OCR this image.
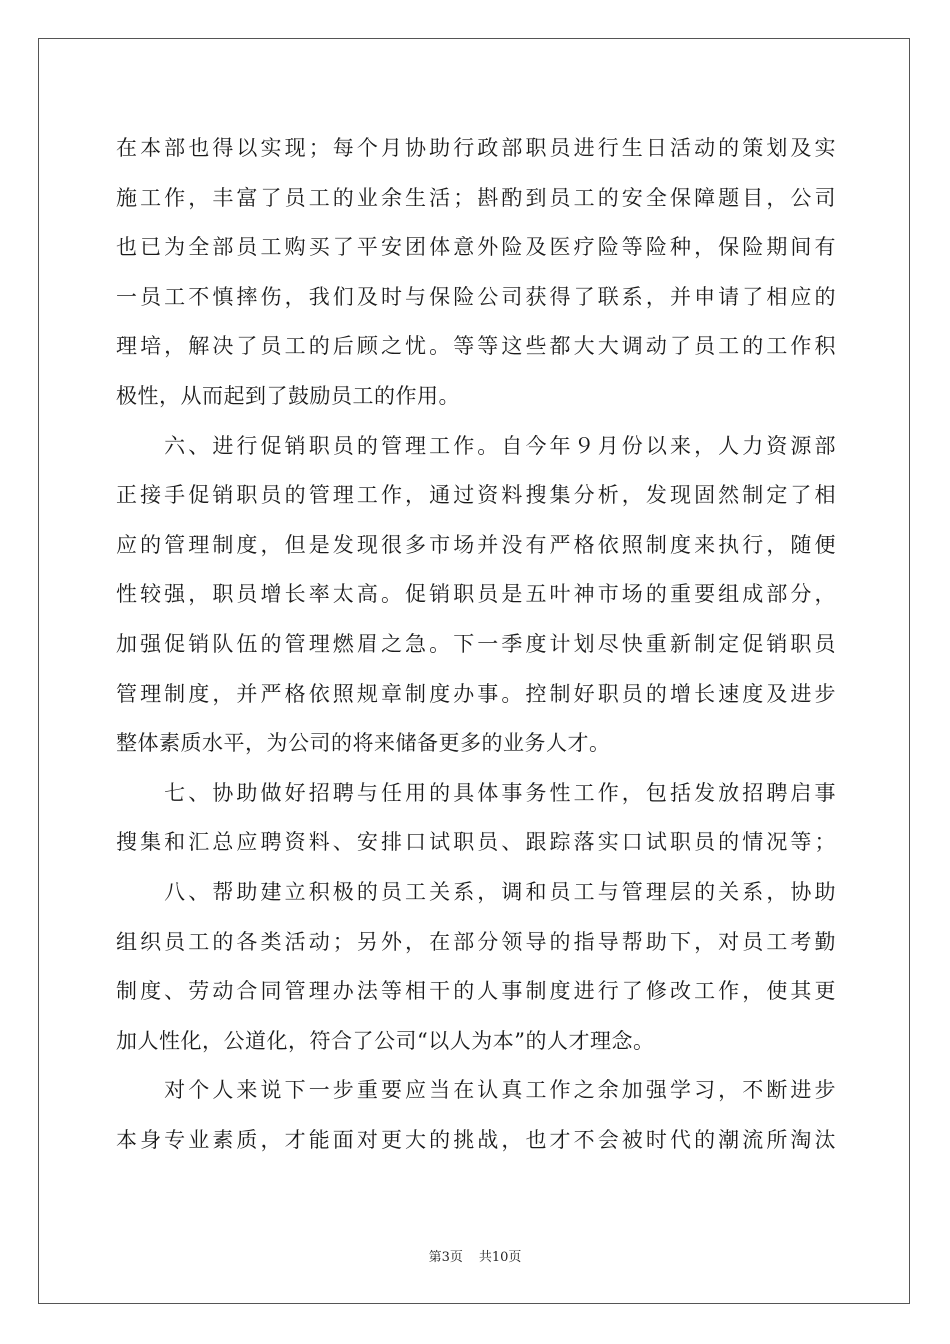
在本部也得以实现；每个月协助行政部职员进行生日活动的策划及实
施工作，丰富了员工的业余生活；斟酌到员工的安全保障题目，公司
也已为全部员工购买了平安团体意外险及医疗险等险种，保险期间有
一员工不慎摔伤，我们及时与保险公司获得了联系，并申请了相应的
理培，解决了员工的后顾之忧。等等这些都大大调动了员工的工作积
极性，从而起到了鼓励员工的作用。
　　六、进行促销职员的管理工作。自今年９月份以来，人力资源部
正接手促销职员的管理工作，通过资料搜集分析，发现固然制定了相
应的管理制度，但是发现很多市场并没有严格依照制度来执行，随便
性较强，职员增长率太高。促销职员是五叶神市场的重要组成部分，
加强促销队伍的管理燃眉之急。下一季度计划尽快重新制定促销职员
管理制度，并严格依照规章制度办事。控制好职员的增长速度及进步
整体素质水平，为公司的将来储备更多的业务人才。
　　七、协助做好招聘与任用的具体事务性工作，包括发放招聘启事
搜集和汇总应聘资料、安排口试职员、跟踪落实口试职员的情况等；
　　八、帮助建立积极的员工关系，调和员工与管理层的关系，协助
组织员工的各类活动；另外，在部分领导的指导帮助下，对员工考勤
制度、劳动合同管理办法等相干的人事制度进行了修改工作，使其更
加人性化，公道化，符合了公司“以人为本”的人才理念。
　　对个人来说下一步重要应当在认真工作之余加强学习，不断进步
本身专业素质，才能面对更大的挑战，也才不会被时代的潮流所淘汰
第3页 共10页
